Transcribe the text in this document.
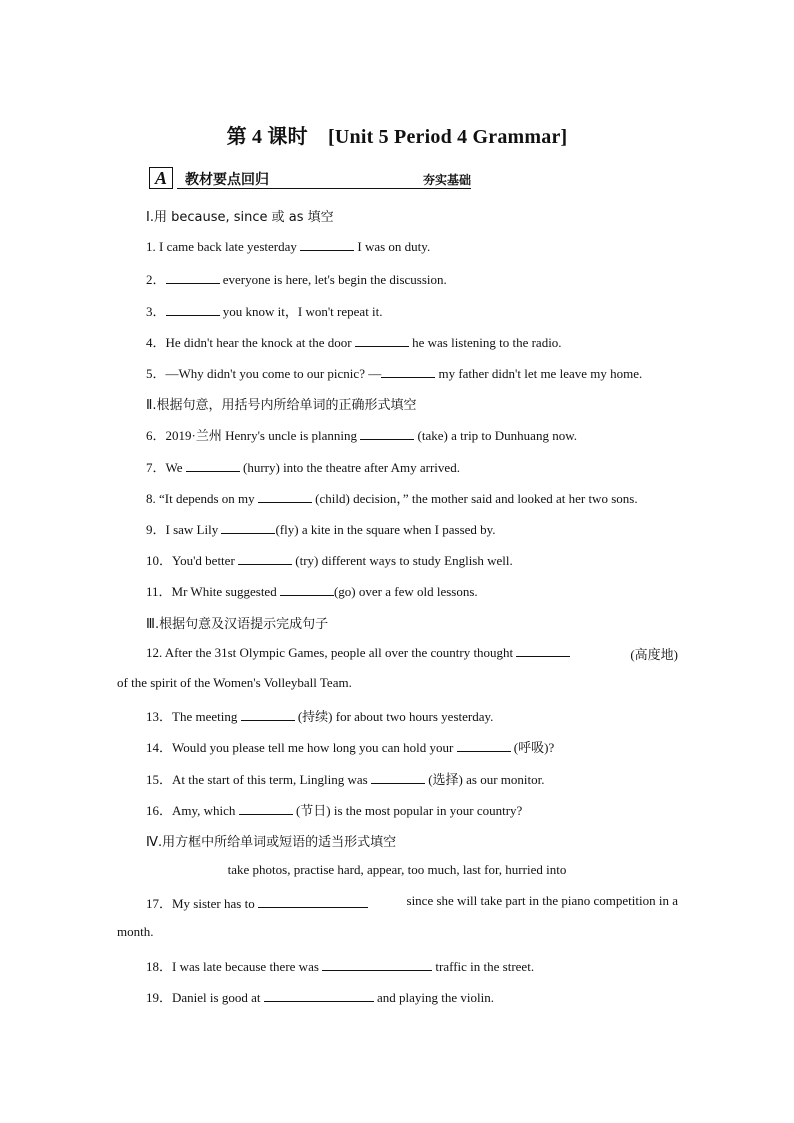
第 4 课时　[Unit 5 Period 4 Grammar]
A	教材要点回归	夯实基础
Ⅰ.用 because, since 或 as 填空
1. I came back late yesterday	I was on duty.
2．	everyone is here, let's begin the discussion.
3．	you know it，I won't repeat it.
4．He didn't hear the knock at the door	he was listening to the radio.
5．—Why didn't you come to our picnic? —	my father didn't let me leave my home.
Ⅱ.根据句意，用括号内所给单词的正确形式填空
6．2019·兰州 Henry's uncle is planning	(take) a trip to Dunhuang now.
7．We	(hurry) into the theatre after Amy arrived.
8. “It depends on my	(child) decision，” the mother said and looked at her two sons.
9．I saw Lily	(fly) a kite in the square when I passed by.
10．You'd better	(try) different ways to study English well.
11．Mr White suggested	(go) over a few old lessons.
Ⅲ.根据句意及汉语提示完成句子
12. After the 31st Olympic Games, people all over the country thought	(高度地)
of the spirit of the Women's Volleyball Team.
13．The meeting	(持续) for about two hours yesterday.
14．Would you please tell me how long you can hold your	(呼吸)?
15．At the start of this term, Lingling was	(选择) as our monitor.
16．Amy, which	(节日) is the most popular in your country?
Ⅳ.用方框中所给单词或短语的适当形式填空
take photos, practise hard, appear, too much, last for, hurried into
17．My sister has to	since she will take part in the piano competition in a
month.
18．I was late because there was	traffic in the street.
19．Daniel is good at	and playing the violin.
